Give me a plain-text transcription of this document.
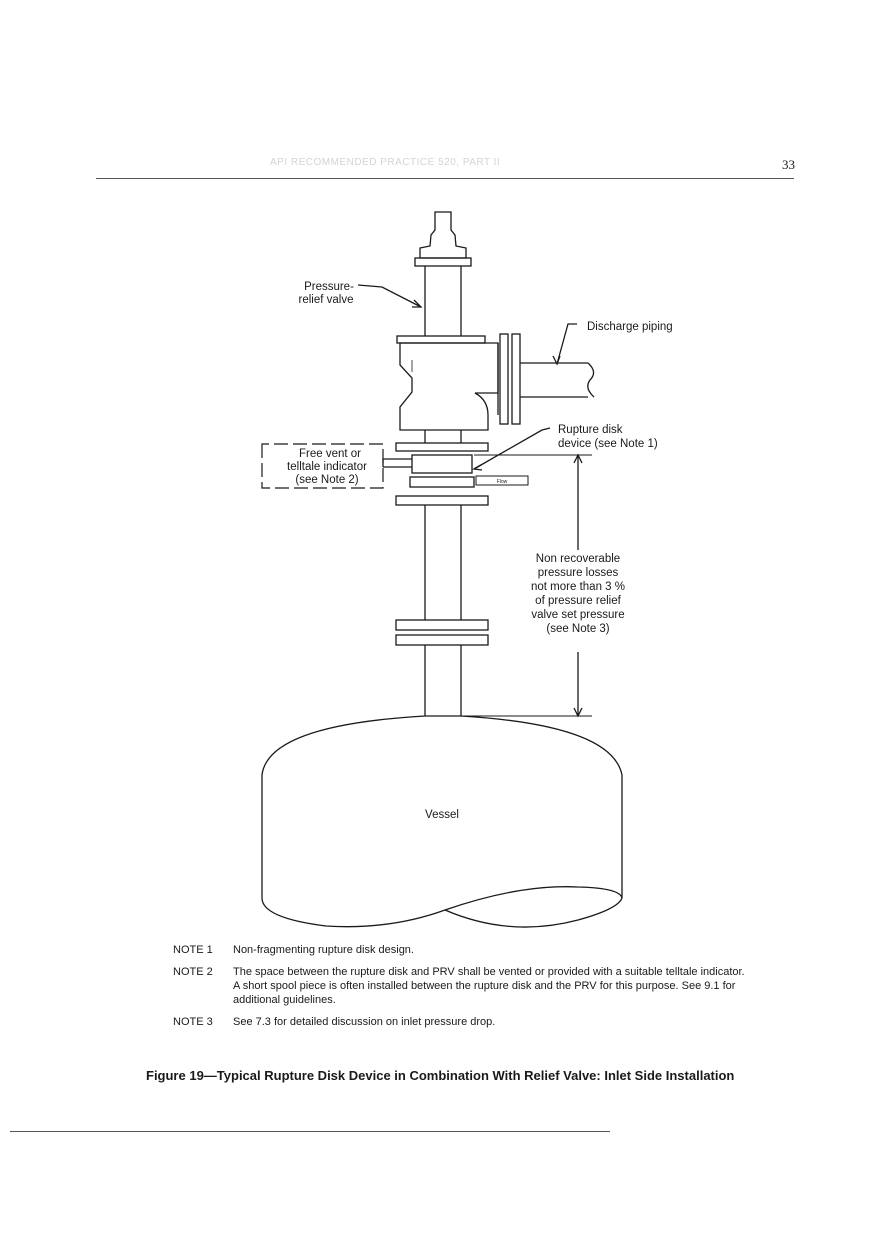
API RECOMMENDED PRACTICE 520, PART II	33
Pressure-
relief valve
Discharge piping
Rupture disk
device (see Note 1)
Free vent or
telltale indicator
(see Note 2)	Flow
Non recoverable
pressure losses
not more than 3 %
of pressure relief
valve set pressure
(see Note 3)
Vessel
NOTE 1	Non-fragmenting rupture disk design.
NOTE 2	The space between the rupture disk and PRV shall be vented or provided with a suitable telltale indicator. A short spool piece is often installed between the rupture disk and the PRV for this purpose. See 9.1 for additional guidelines.
NOTE 3	See 7.3 for detailed discussion on inlet pressure drop.
Figure 19—Typical Rupture Disk Device in Combination With Relief Valve: Inlet Side Installation
